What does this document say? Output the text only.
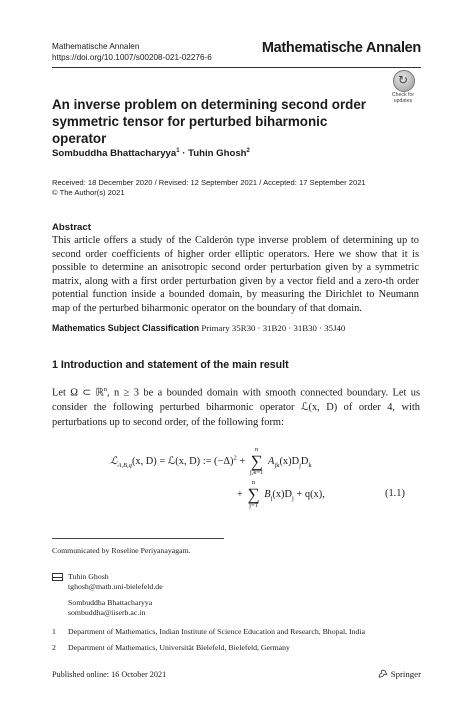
Mathematische Annalen
https://doi.org/10.1007/s00208-021-02276-6
Mathematische Annalen
↻
Check for
updates
An inverse problem on determining second order symmetric tensor for perturbed biharmonic operator
Sombuddha Bhattacharyya$^1$ · Tuhin Ghosh$^2$
Received: 18 December 2020 / Revised: 12 September 2021 / Accepted: 17 September 2021
© The Author(s) 2021
Abstract
This article offers a study of the Calderón type inverse problem of determining up to second order coefficients of higher order elliptic operators. Here we show that it is possible to determine an anisotropic second order perturbation given by a symmetric matrix, along with a first order perturbation given by a vector field and a zero-th order potential function inside a bounded domain, by measuring the Dirichlet to Neumann map of the perturbed biharmonic operator on the boundary of that domain.
Mathematics Subject Classification Primary 35R30 · 31B20 · 31B30 · 35J40
1 Introduction and statement of the main result
Let Ω ⊂ ℝ$^n$, n ≥ 3 be a bounded domain with smooth connected boundary. Let us consider the following perturbed biharmonic operator ℒ(x, D) of order 4, with perturbations up to second order, of the following form:
ℒ$_{A,B,q}$(x, D) = ℒ(x, D) := $(-\Delta)^2$ +
n
∑
j,k=1
$A_{jk}(x)D_jD_k$
+
n
∑
j=1
$B_j(x)D_j + q(x)$,	(1.1)
Communicated by Roseline Periyanayagam.
Tuhin Ghosh
tghosh@math.uni-bielefeld.de
Sombuddha Bhattacharyya
sombuddha@iiserb.ac.in
1 Department of Mathematics, Indian Institute of Science Education and Research, Bhopal, India
2 Department of Mathematics, Universität Bielefeld, Bielefeld, Germany
Published online: 16 October 2021	Springer
